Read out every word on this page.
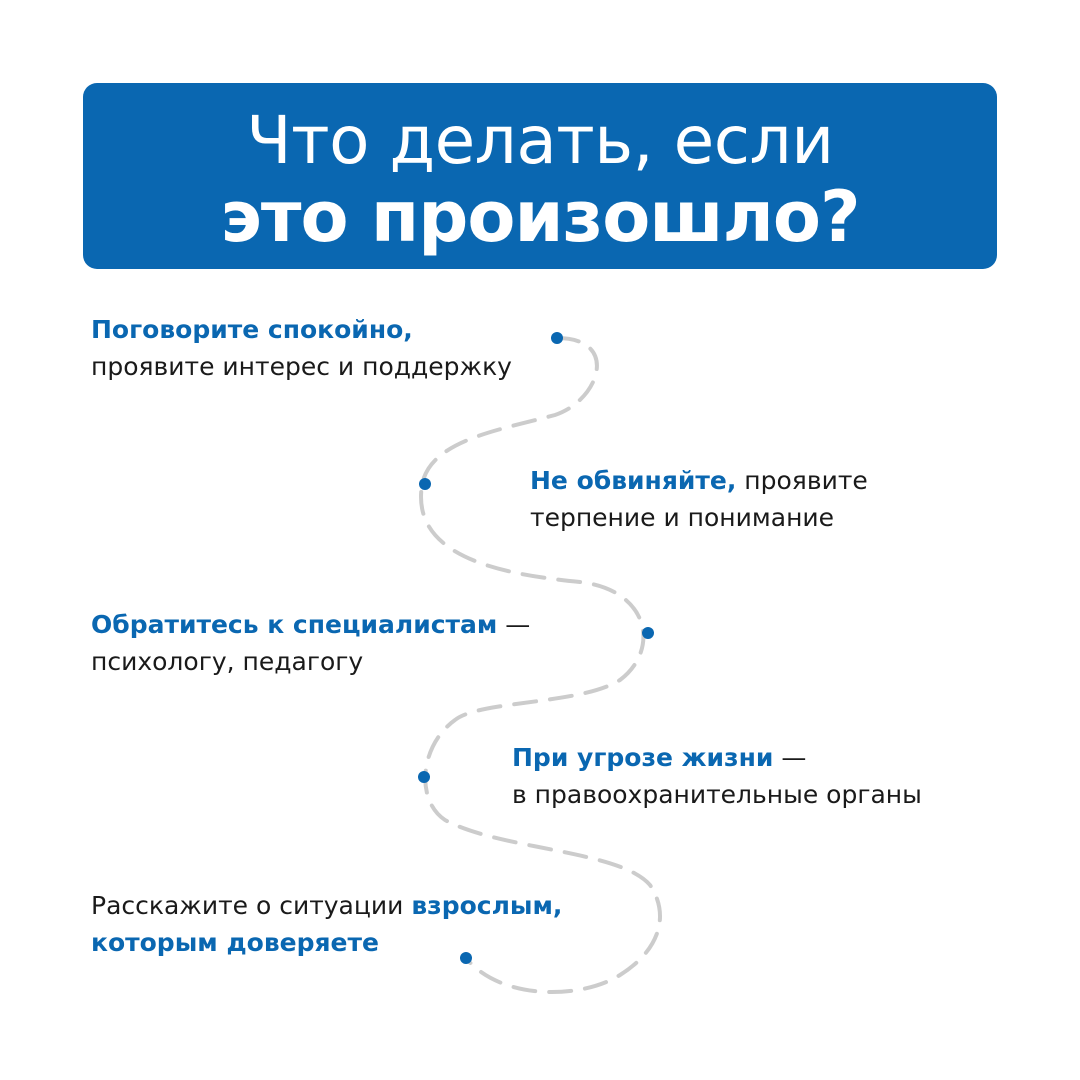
Что делать, если
это произошло?
Поговорите спокойно,
проявите интерес и поддержку
Не обвиняйте, проявите
терпение и понимание
Обратитесь к специалистам —
психологу, педагогу
При угрозе жизни —
в правоохранительные органы
Расскажите о ситуации взрослым,
которым доверяете
